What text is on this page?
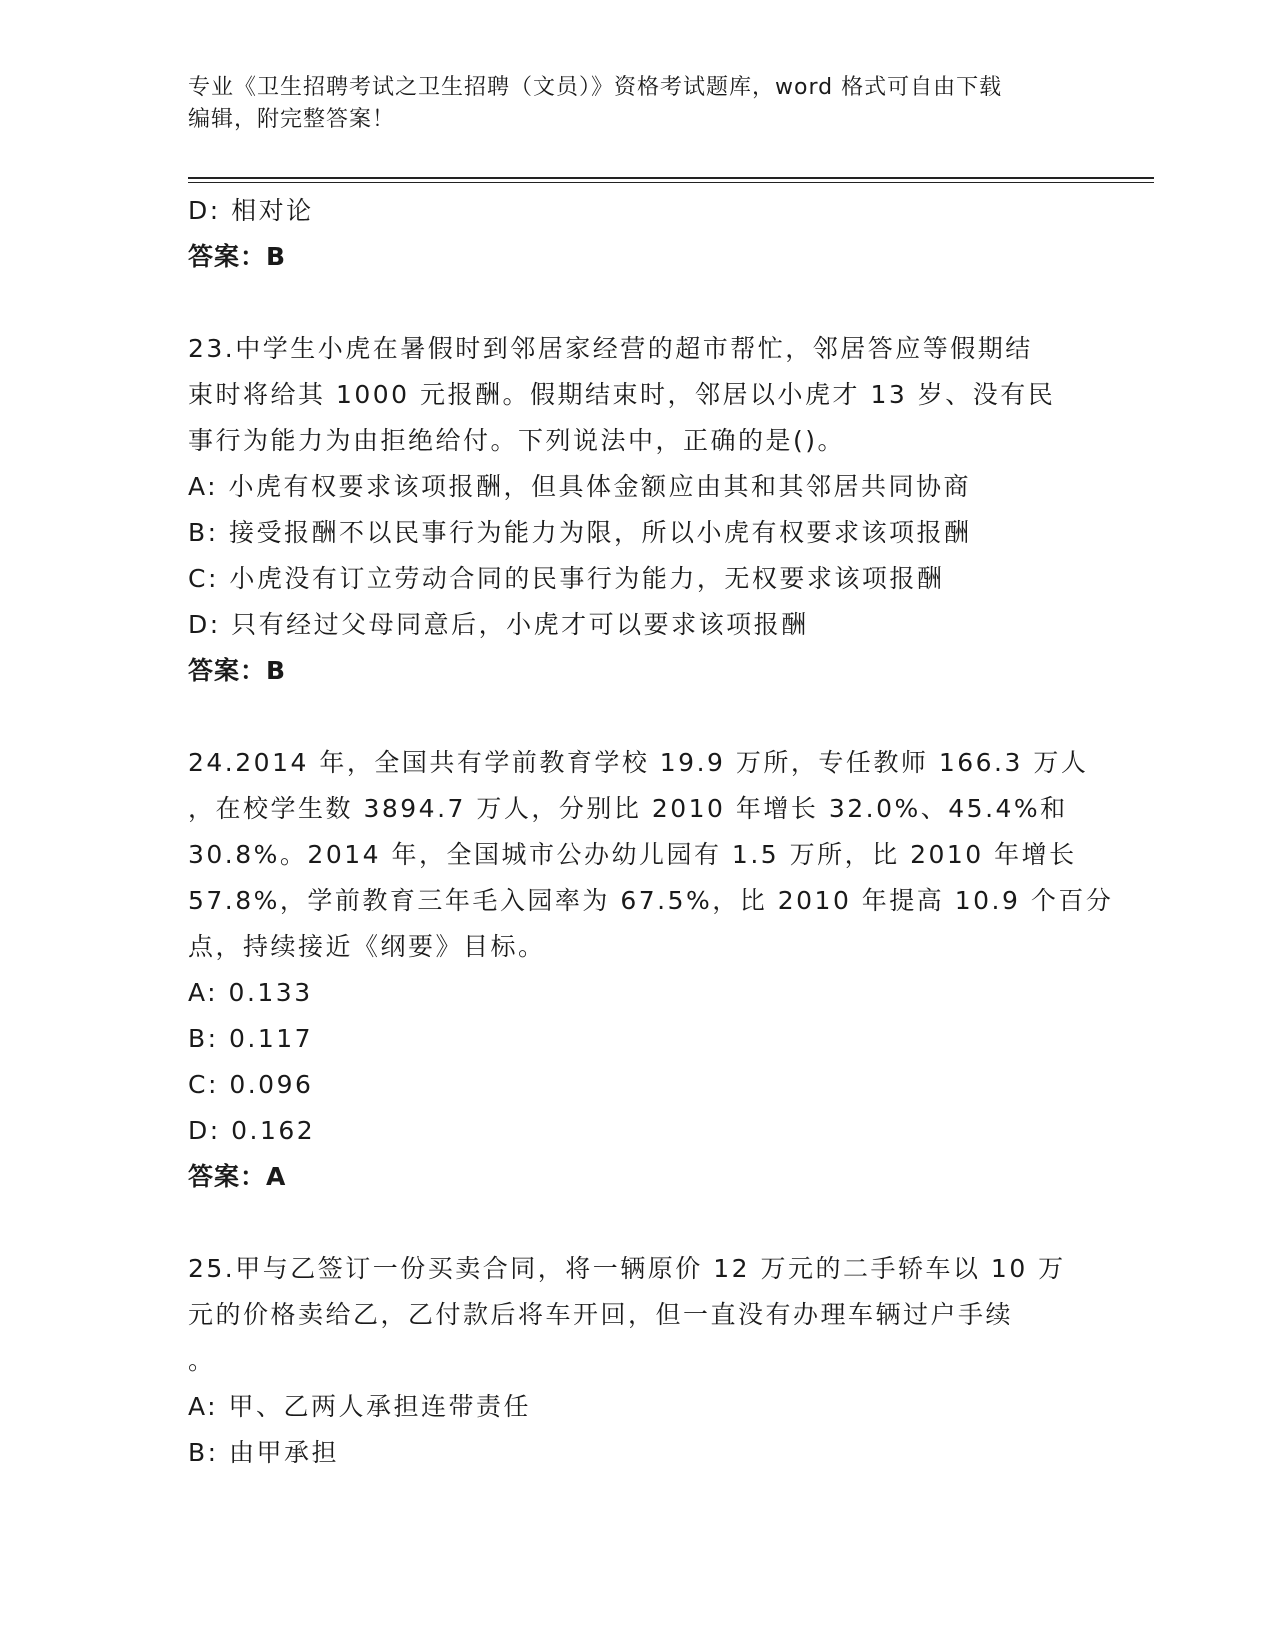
专业《卫生招聘考试之卫生招聘（文员）》资格考试题库，word 格式可自由下载
编辑，附完整答案！
D: 相对论
答案：B
23.中学生小虎在暑假时到邻居家经营的超市帮忙，邻居答应等假期结
束时将给其 1000 元报酬。假期结束时，邻居以小虎才 13 岁、没有民
事行为能力为由拒绝给付。下列说法中，正确的是()。
A: 小虎有权要求该项报酬，但具体金额应由其和其邻居共同协商
B: 接受报酬不以民事行为能力为限，所以小虎有权要求该项报酬
C: 小虎没有订立劳动合同的民事行为能力，无权要求该项报酬
D: 只有经过父母同意后，小虎才可以要求该项报酬
答案：B
24.2014 年，全国共有学前教育学校 19.9 万所，专任教师 166.3 万人
，在校学生数 3894.7 万人，分别比 2010 年增长 32.0%、45.4%和
30.8%。2014 年，全国城市公办幼儿园有 1.5 万所，比 2010 年增长
57.8%，学前教育三年毛入园率为 67.5%，比 2010 年提高 10.9 个百分
点，持续接近《纲要》目标。
A: 0.133
B: 0.117
C: 0.096
D: 0.162
答案：A
25.甲与乙签订一份买卖合同，将一辆原价 12 万元的二手轿车以 10 万
元的价格卖给乙，乙付款后将车开回，但一直没有办理车辆过户手续
。
A: 甲、乙两人承担连带责任
B: 由甲承担
